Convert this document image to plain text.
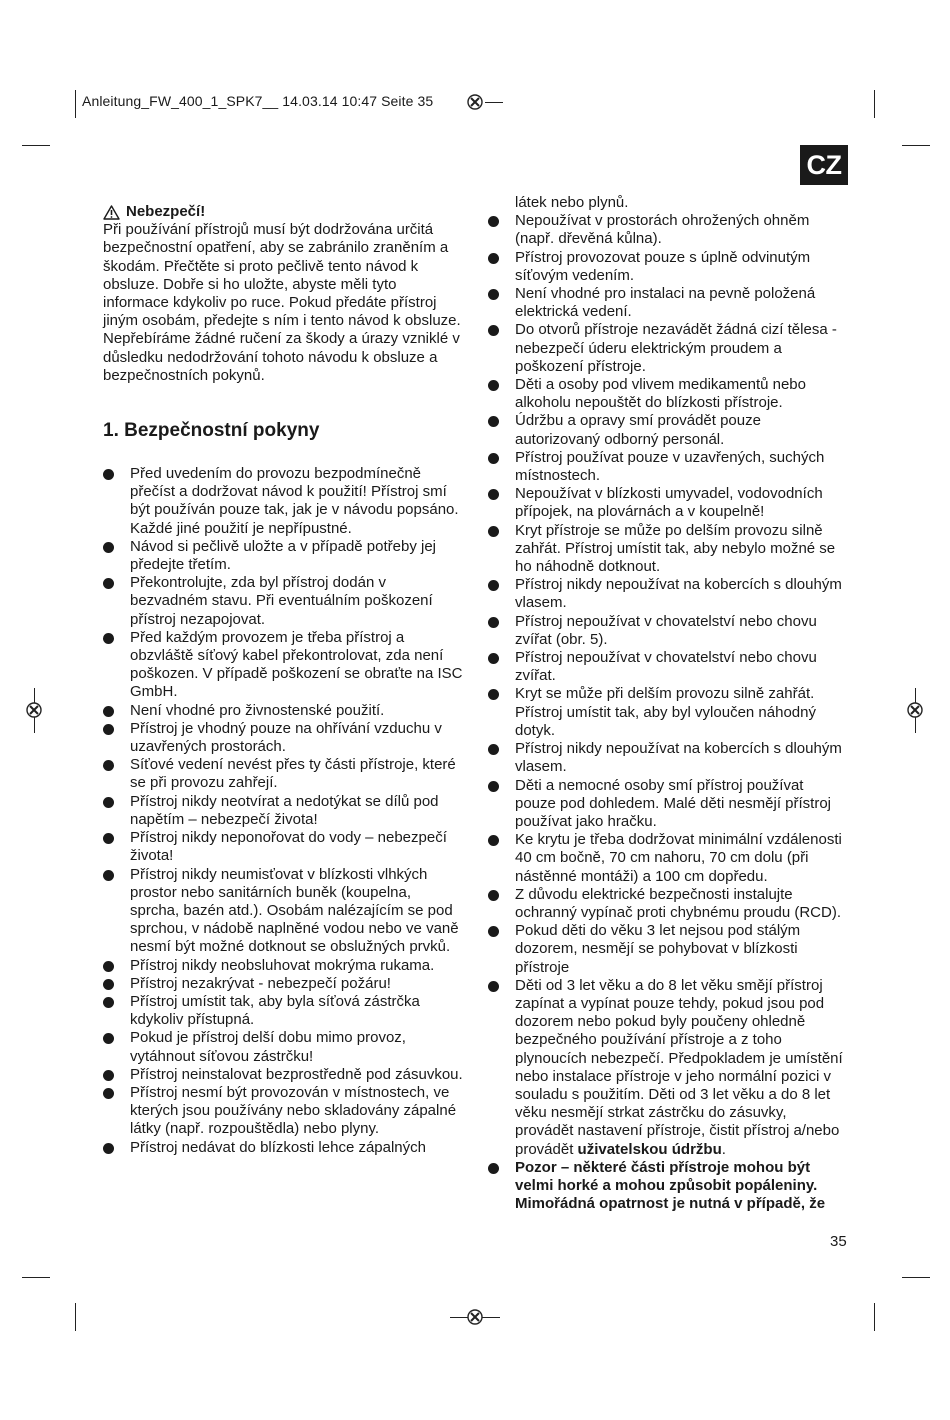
Anleitung_FW_400_1_SPK7__ 14.03.14 10:47 Seite 35
CZ
Nebezpečí!

Při používání přístrojů musí být dodržována určitá bezpečnostní opatření, aby se zabránilo zraněním a škodám. Přečtěte si proto pečlivě tento návod k obsluze. Dobře si ho uložte, abyste měli tyto informace kdykoliv po ruce. Pokud předáte přístroj jiným osobám, předejte s ním i tento návod k obsluze.

Nepřebíráme žádné ručení za škody a úrazy vzniklé v důsledku nedodržování tohoto návodu k obsluze a bezpečnostních pokynů.

1. Bezpečnostní pokyny
Před uvedením do provozu bezpodmínečně přečíst a dodržovat návod k použití! Přístroj smí být používán pouze tak, jak je v návodu popsáno. Každé jiné použití je nepřípustné.
Návod si pečlivě uložte a v případě potřeby jej předejte třetím.
Překontrolujte, zda byl přístroj dodán v bezvadném stavu. Při eventuálním poškození přístroj nezapojovat.
Před každým provozem je třeba přístroj a obzvláště síťový kabel překontrolovat, zda není poškozen. V případě poškození se obraťte na ISC GmbH.
Není vhodné pro živnostenské použití.
Přístroj je vhodný pouze na ohřívání vzduchu v uzavřených prostorách.
Síťové vedení nevést přes ty části přístroje, které se při provozu zahřejí.
Přístroj nikdy neotvírat a nedotýkat se dílů pod napětím – nebezpečí života!
Přístroj nikdy neponořovat do vody – nebezpečí života!
Přístroj nikdy neumisťovat v blízkosti vlhkých prostor nebo sanitárních buněk (koupelna, sprcha, bazén atd.). Osobám nalézajícím se pod sprchou, v nádobě naplněné vodou nebo ve vaně nesmí být možné dotknout se obslužných prvků.
Přístroj nikdy neobsluhovat mokrýma rukama.
Přístroj nezakrývat - nebezpečí požáru!
Přístroj umístit tak, aby byla síťová zástrčka kdykoliv přístupná.
Pokud je přístroj delší dobu mimo provoz, vytáhnout síťovou zástrčku!
Přístroj neinstalovat bezprostředně pod zásuvkou.
Přístroj nesmí být provozován v místnostech, ve kterých jsou používány nebo skladovány zápalné látky (např. rozpouštědla) nebo plyny.
Přístroj nedávat do blízkosti lehce zápalných
látek nebo plynů.
Nepoužívat v prostorách ohrožených ohněm (např. dřevěná kůlna).
Přístroj provozovat pouze s úplně odvinutým síťovým vedením.
Není vhodné pro instalaci na pevně položená elektrická vedení.
Do otvorů přístroje nezavádět žádná cizí tělesa - nebezpečí úderu elektrickým proudem a poškození přístroje.
Děti a osoby pod vlivem medikamentů nebo alkoholu nepouštět do blízkosti přístroje.
Údržbu a opravy smí provádět pouze autorizovaný odborný personál.
Přístroj používat pouze v uzavřených, suchých místnostech.
Nepoužívat v blízkosti umyvadel, vodovodních přípojek, na plovárnách a v koupelně!
Kryt přístroje se může po delším provozu silně zahřát. Přístroj umístit tak, aby nebylo možné se ho náhodně dotknout.
Přístroj nikdy nepoužívat na kobercích s dlouhým vlasem.
Přístroj nepoužívat v chovatelství nebo chovu zvířat (obr. 5).
Přístroj nepoužívat v chovatelství nebo chovu zvířat.
Kryt se může při delším provozu silně zahřát. Přístroj umístit tak, aby byl vyloučen náhodný dotyk.
Přístroj nikdy nepoužívat na kobercích s dlouhým vlasem.
Děti a nemocné osoby smí přístroj používat pouze pod dohledem. Malé děti nesmějí přístroj používat jako hračku.
Ke krytu je třeba dodržovat minimální vzdálenosti 40 cm bočně, 70 cm nahoru, 70 cm dolu (při nástěnné montáži) a 100 cm dopředu.
Z důvodu elektrické bezpečnosti instalujte ochranný vypínač proti chybnému proudu (RCD).
Pokud děti do věku 3 let nejsou pod stálým dozorem, nesmějí se pohybovat v blízkosti přístroje
Děti od 3 let věku a do 8 let věku smějí přístroj zapínat a vypínat pouze tehdy, pokud jsou pod dozorem nebo pokud byly poučeny ohledně bezpečného používání přístroje a z toho plynoucích nebezpečí. Předpokladem je umístění nebo instalace přístroje v jeho normální pozici v souladu s použitím. Děti od 3 let věku a do 8 let věku nesmějí strkat zástrčku do zásuvky, provádět nastavení přístroje, čistit přístroj a/nebo provádět uživatelskou údržbu.
Pozor – některé části přístroje mohou být velmi horké a mohou způsobit popáleniny. Mimořádná opatrnost je nutná v případě, že
35
